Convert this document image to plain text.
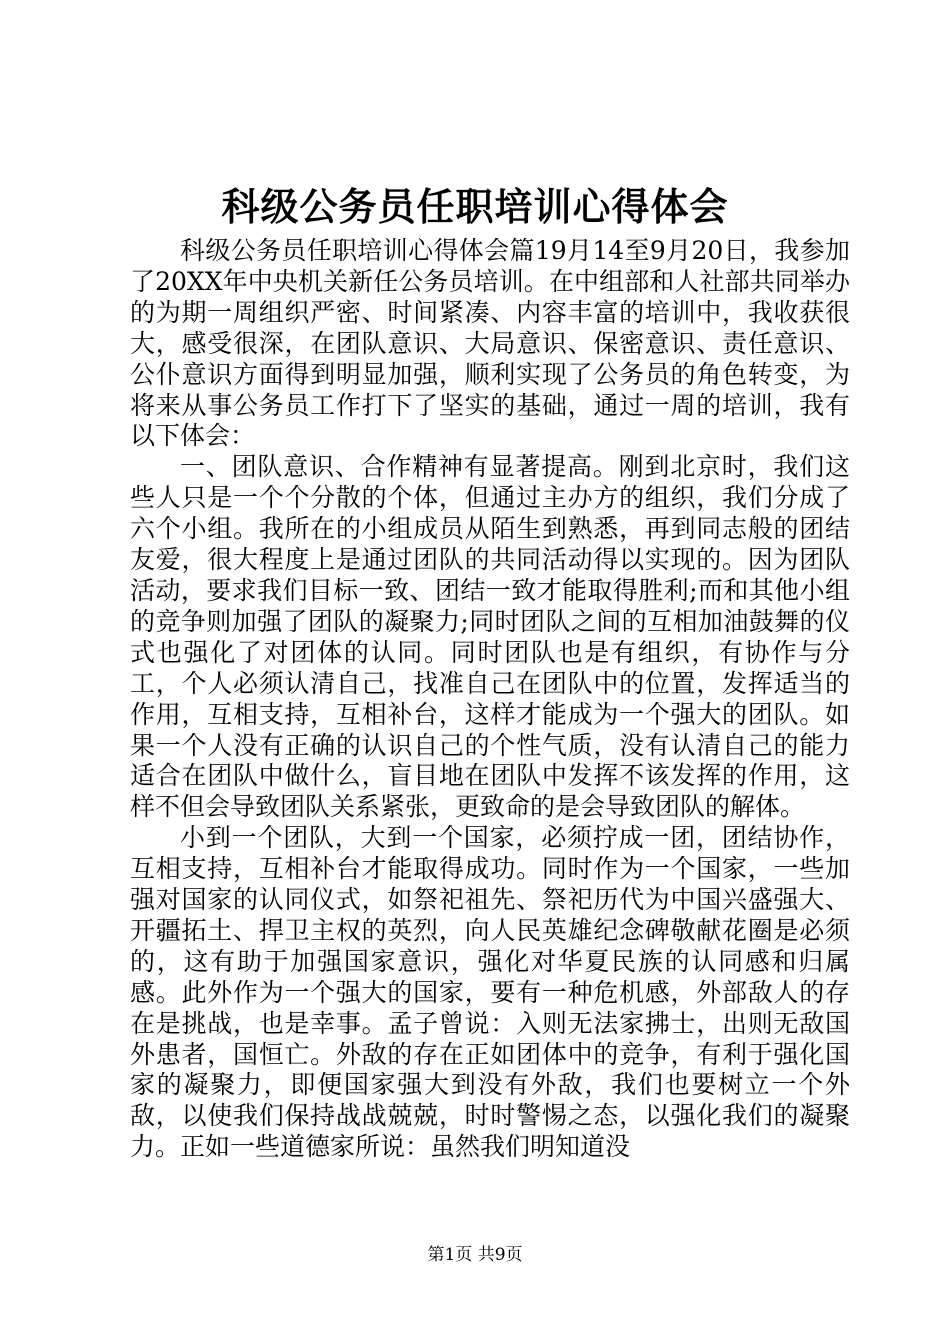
科级公务员任职培训心得体会

科级公务员任职培训心得体会篇19月14至9月20日，我参加了20XX年中央机关新任公务员培训。在中组部和人社部共同举办的为期一周组织严密、时间紧凑、内容丰富的培训中，我收获很大，感受很深，在团队意识、大局意识、保密意识、责任意识、公仆意识方面得到明显加强，顺利实现了公务员的角色转变，为将来从事公务员工作打下了坚实的基础，通过一周的培训，我有以下体会：

一、团队意识、合作精神有显著提高。刚到北京时，我们这些人只是一个个分散的个体，但通过主办方的组织，我们分成了六个小组。我所在的小组成员从陌生到熟悉，再到同志般的团结友爱，很大程度上是通过团队的共同活动得以实现的。因为团队活动，要求我们目标一致、团结一致才能取得胜利;而和其他小组的竞争则加强了团队的凝聚力;同时团队之间的互相加油鼓舞的仪式也强化了对团体的认同。同时团队也是有组织，有协作与分工，个人必须认清自己，找准自己在团队中的位置，发挥适当的作用，互相支持，互相补台，这样才能成为一个强大的团队。如果一个人没有正确的认识自己的个性气质，没有认清自己的能力适合在团队中做什么，盲目地在团队中发挥不该发挥的作用，这样不但会导致团队关系紧张，更致命的是会导致团队的解体。

小到一个团队，大到一个国家，必须拧成一团，团结协作，互相支持，互相补台才能取得成功。同时作为一个国家，一些加强对国家的认同仪式，如祭祀祖先、祭祀历代为中国兴盛强大、开疆拓土、捍卫主权的英烈，向人民英雄纪念碑敬献花圈是必须的，这有助于加强国家意识，强化对华夏民族的认同感和归属感。此外作为一个强大的国家，要有一种危机感，外部敌人的存在是挑战，也是幸事。孟子曾说：入则无法家拂士，出则无敌国外患者，国恒亡。外敌的存在正如团体中的竞争，有利于强化国家的凝聚力，即便国家强大到没有外敌，我们也要树立一个外敌，以使我们保持战战兢兢，时时警惕之态，以强化我们的凝聚力。正如一些道德家所说：虽然我们明知道没

第1页 共9页
